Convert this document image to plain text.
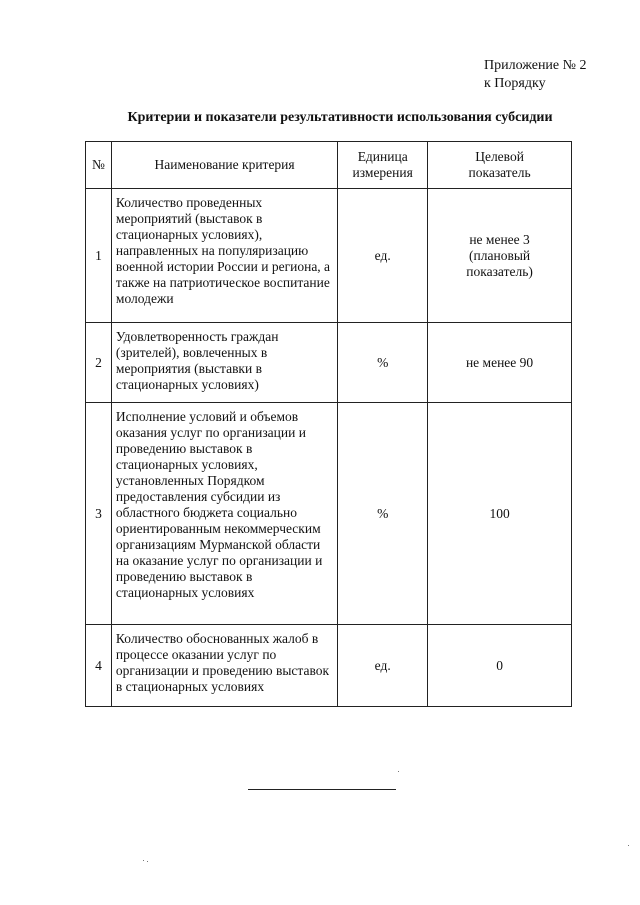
Приложение № 2
к Порядку
Критерии и показатели результативности использования субсидии
№	Наименование критерия	Единица измерения	Целевой показатель
1	Количество проведенных мероприятий (выставок в стационарных условиях), направленных на популяризацию военной истории России и региона, а также на патриотическое воспитание молодежи	ед.	не менее 3 (плановый показатель)
2	Удовлетворенность граждан (зрителей), вовлеченных в мероприятия (выставки в стационарных условиях)	%	не менее 90
3	Исполнение условий и объемов оказания услуг по организации и проведению выставок в стационарных условиях, установленных Порядком предоставления субсидии из областного бюджета социально ориентированным некоммерческим организациям Мурманской области на оказание услуг по организации и проведению выставок в стационарных условиях	%	100
4	Количество обоснованных жалоб в процессе оказании услуг по организации и проведению выставок в стационарных условиях	ед.	0
